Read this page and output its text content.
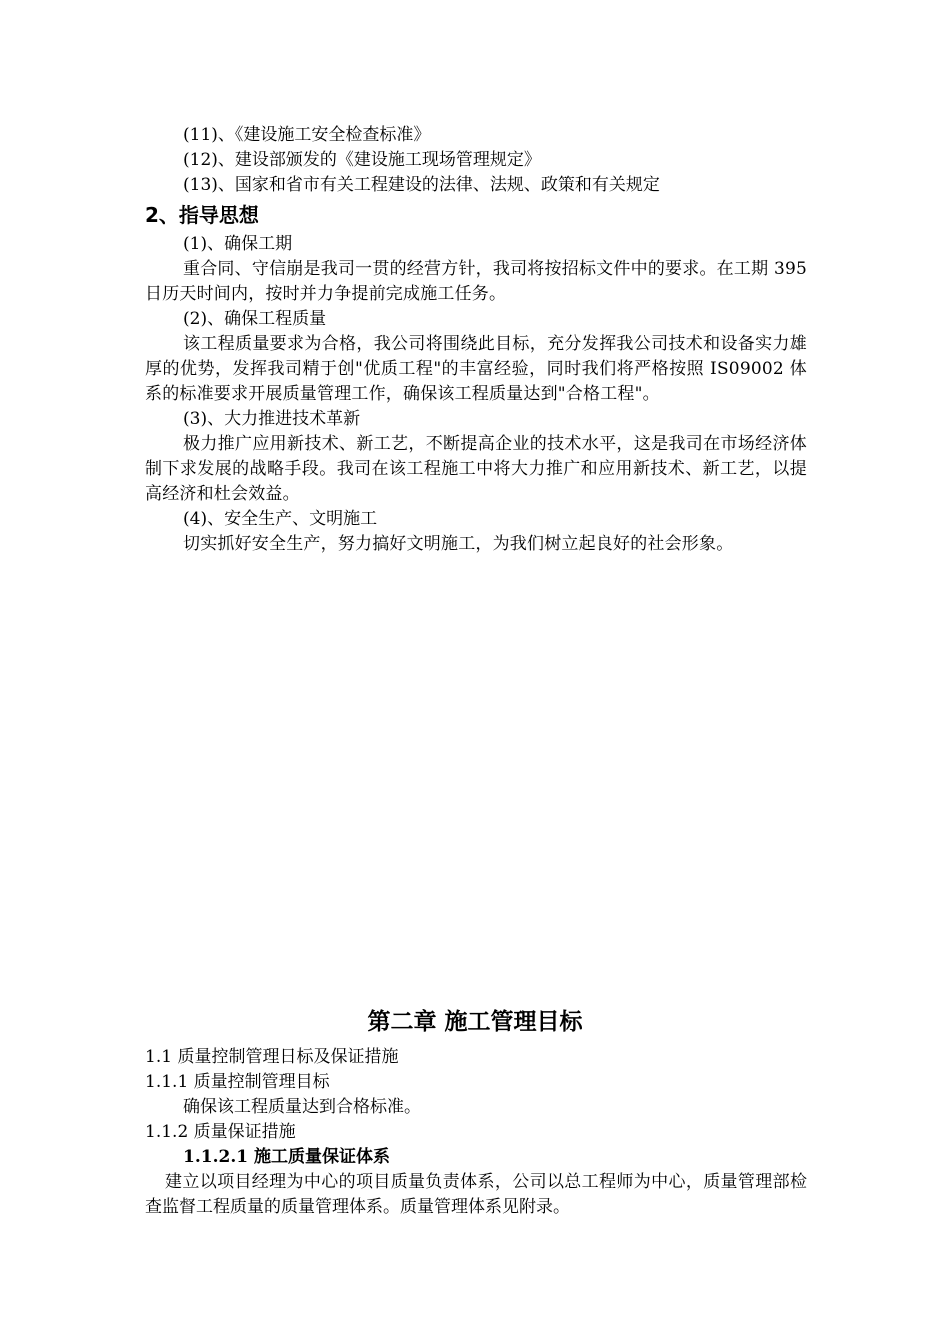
(11)、《建设施工安全检查标准》
(12)、建设部颁发的《建设施工现场管理规定》
(13)、国家和省市有关工程建设的法律、法规、政策和有关规定
2、指导思想
(1)、确保工期
重合同、守信崩是我司一贯的经营方针，我司将按招标文件中的要求。在工期 395 日历天时间内，按时并力争提前完成施工任务。
(2)、确保工程质量
该工程质量要求为合格，我公司将围绕此目标，充分发挥我公司技术和设备实力雄厚的优势，发挥我司精于创"优质工程"的丰富经验，同时我们将严格按照 IS09002 体系的标准要求开展质量管理工作，确保该工程质量达到"合格工程"。
(3)、大力推进技术革新
极力推广应用新技术、新工艺，不断提高企业的技术水平，这是我司在市场经济体制下求发展的战略手段。我司在该工程施工中将大力推广和应用新技术、新工艺，以提高经济和杜会效益。
(4)、安全生产、文明施工
切实抓好安全生产，努力搞好文明施工，为我们树立起良好的社会形象。
第二章 施工管理目标
1.1 质量控制管理日标及保证措施
1.1.1 质量控制管理目标
确保该工程质量达到合格标准。
1.1.2 质量保证措施
1.1.2.1 施工质量保证体系
建立以项目经理为中心的项目质量负责体系，公司以总工程师为中心，质量管理部检查监督工程质量的质量管理体系。质量管理体系见附录。
